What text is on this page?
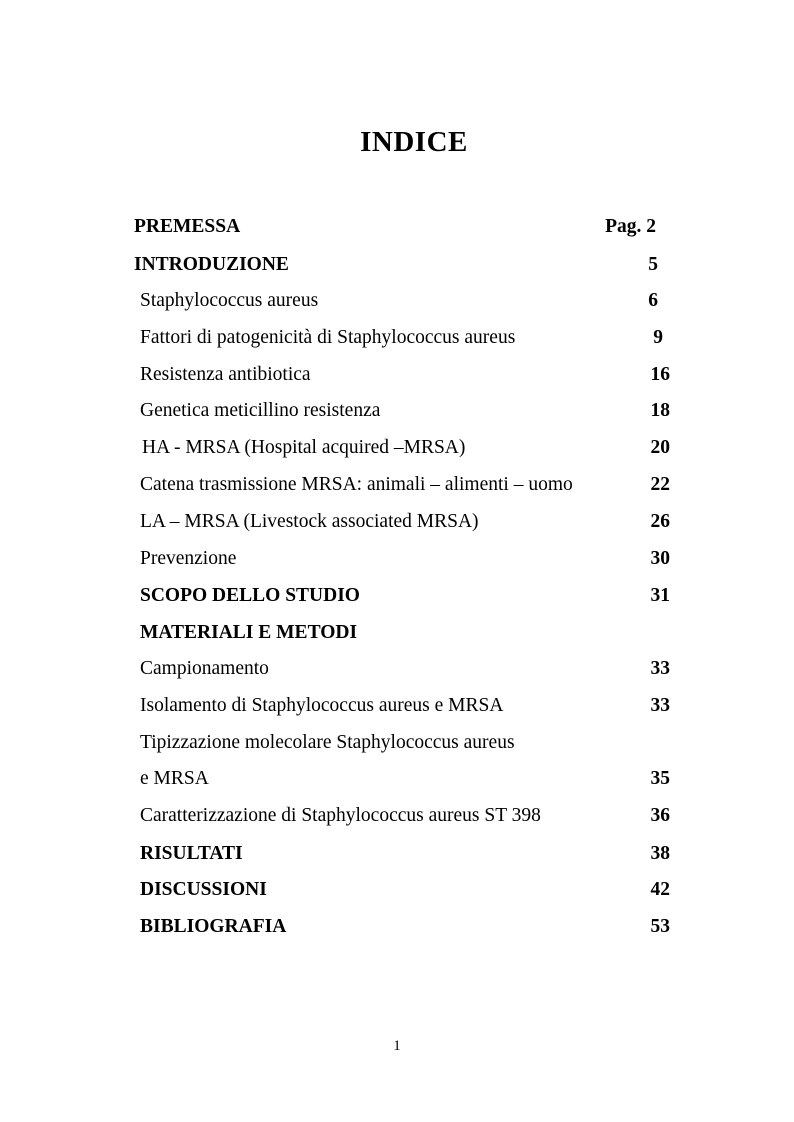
INDICE
PREMESSA	Pag. 2
INTRODUZIONE	5
Staphylococcus aureus	6
Fattori di patogenicità di Staphylococcus aureus	9
Resistenza antibiotica	16
Genetica meticillino resistenza	18
HA - MRSA (Hospital acquired –MRSA)	20
Catena trasmissione MRSA: animali – alimenti – uomo	22
LA – MRSA (Livestock associated MRSA)	26
Prevenzione	30
SCOPO DELLO STUDIO	31
MATERIALI E METODI
Campionamento	33
Isolamento di Staphylococcus aureus e MRSA	33
Tipizzazione molecolare Staphylococcus aureus
e MRSA	35
Caratterizzazione di Staphylococcus aureus ST 398	36
RISULTATI	38
DISCUSSIONI	42
BIBLIOGRAFIA	53
1
